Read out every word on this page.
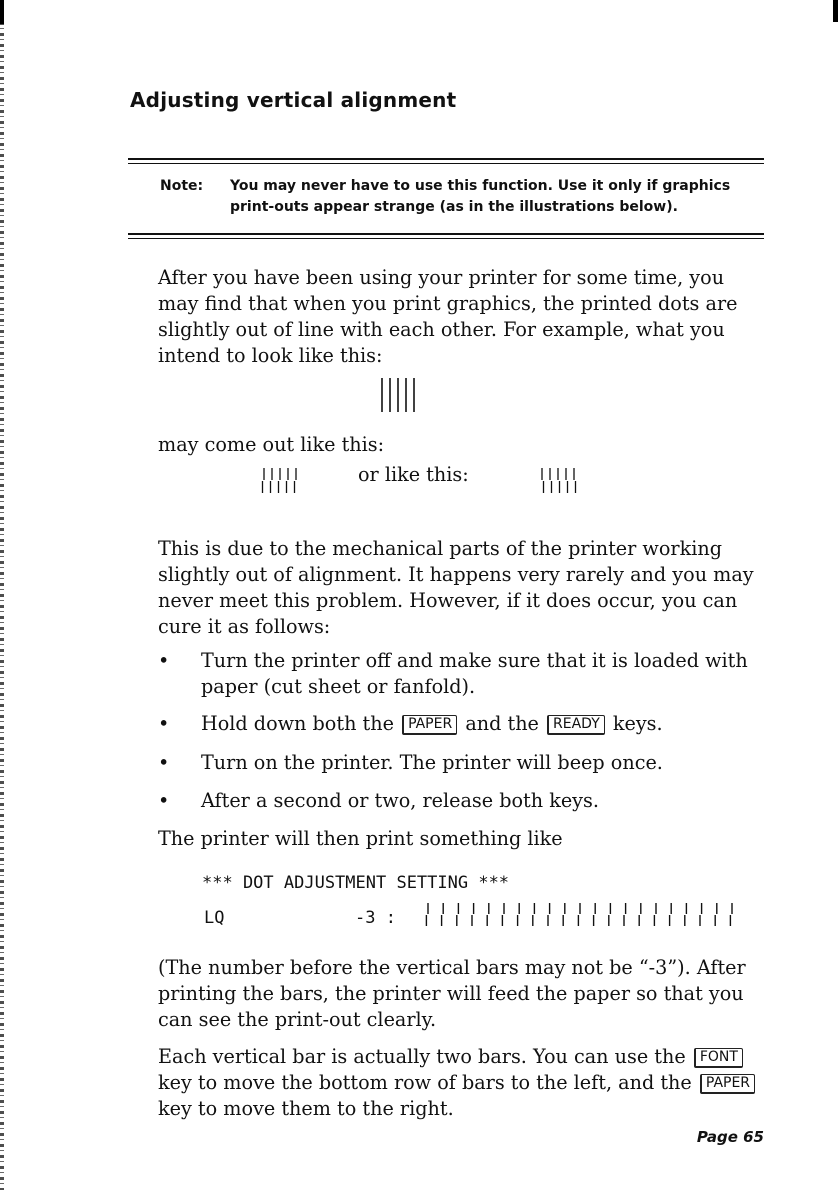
Adjusting vertical alignment
Note: You may never have to use this function. Use it only if graphics print-outs appear strange (as in the illustrations below).

After you have been using your printer for some time, you may find that when you print graphics, the printed dots are slightly out of line with each other. For example, what you intend to look like this:

may come out like this:

or like this:

This is due to the mechanical parts of the printer working slightly out of alignment. It happens very rarely and you may never meet this problem. However, if it does occur, you can cure it as follows:

•	Turn the printer off and make sure that it is loaded with paper (cut sheet or fanfold).
•	Hold down both the PAPER and the READY keys.
•	Turn on the printer. The printer will beep once.
•	After a second or two, release both keys.

The printer will then print something like

*** DOT ADJUSTMENT SETTING ***
LQ	-3 :

(The number before the vertical bars may not be “-3”). After printing the bars, the printer will feed the paper so that you can see the print-out clearly.

Each vertical bar is actually two bars. You can use the FONT key to move the bottom row of bars to the left, and the PAPER key to move them to the right.

Page 65
